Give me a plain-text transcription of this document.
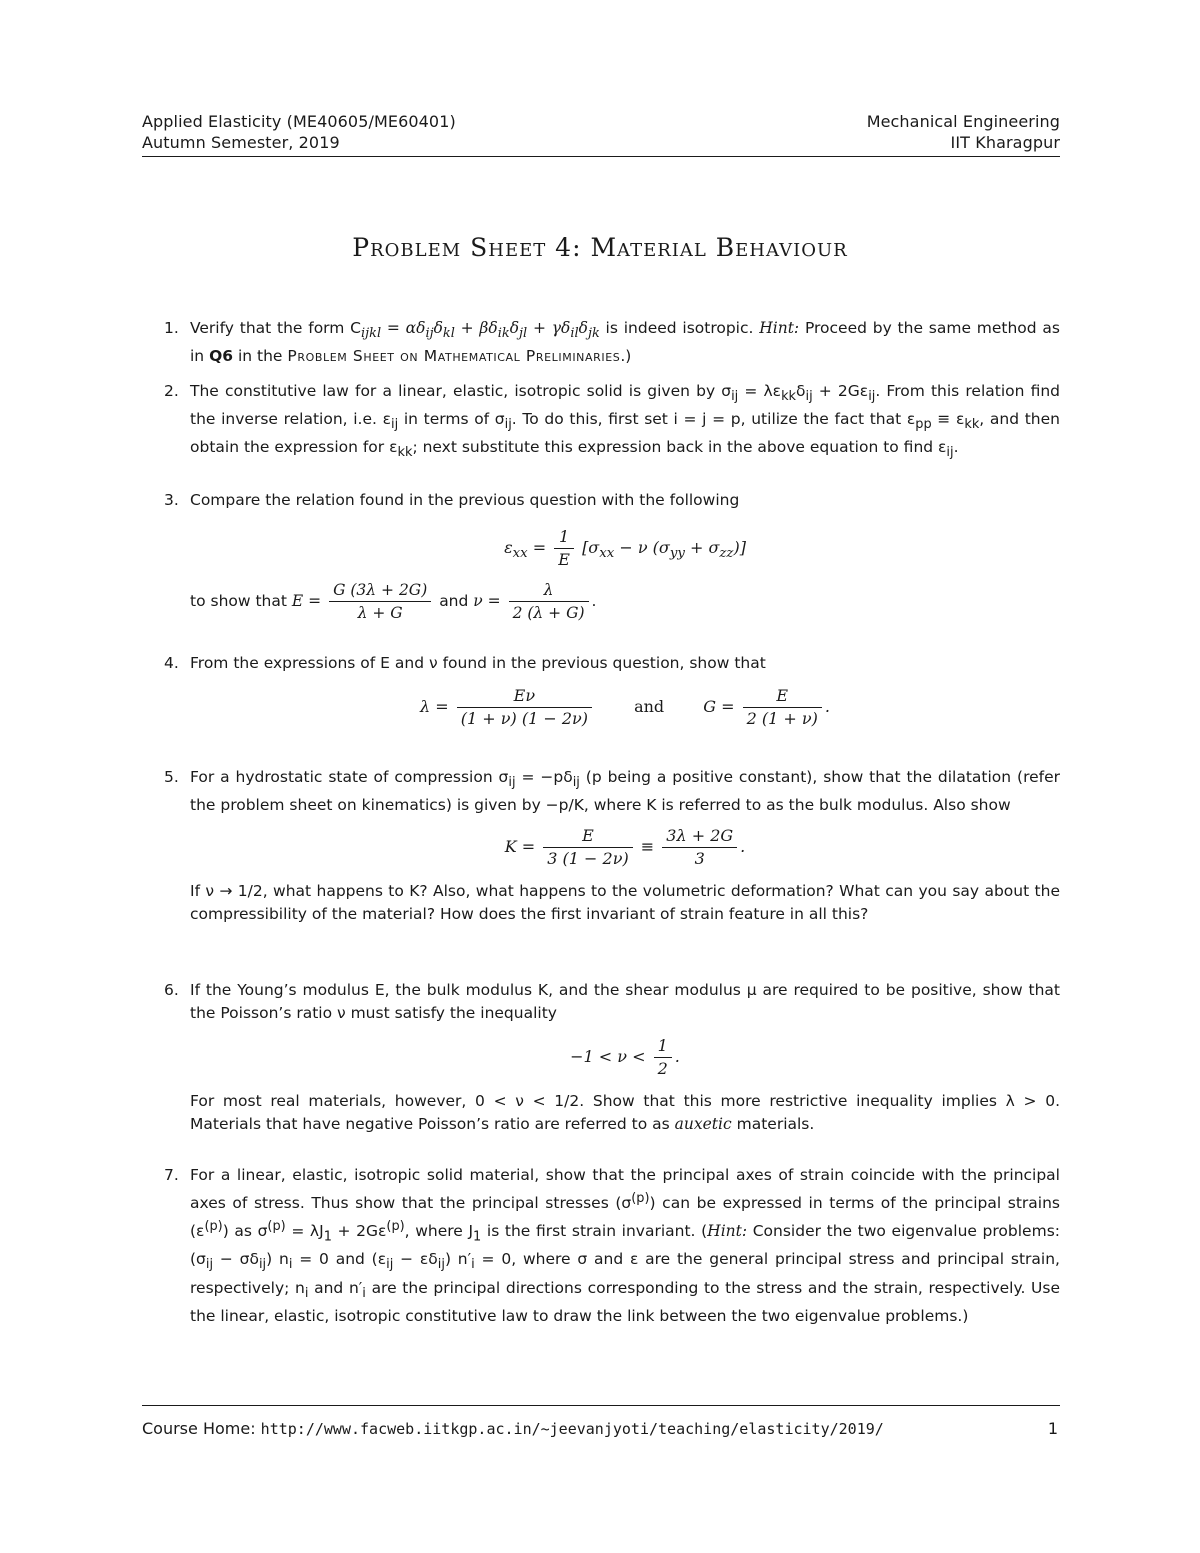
Applied Elasticity (ME40605/ME60401)
Autumn Semester, 2019
Mechanical Engineering
IIT Kharagpur
Problem Sheet 4: Material Behaviour
1. Verify that the form $C_{ijkl} = \alpha\delta_{ij}\delta_{kl} + \beta\delta_{ik}\delta_{jl} + \gamma\delta_{il}\delta_{jk}$ is indeed isotropic. Hint: Proceed by the same method as in Q6 in the Problem Sheet on Mathematical Preliminaries.)
2. The constitutive law for a linear, elastic, isotropic solid is given by $\sigma_{ij} = \lambda\varepsilon_{kk}\delta_{ij} + 2G\varepsilon_{ij}$. From this relation find the inverse relation, i.e. $\varepsilon_{ij}$ in terms of $\sigma_{ij}$. To do this, first set i = j = p, utilize the fact that $\varepsilon_{pp} \equiv \varepsilon_{kk}$, and then obtain the expression for $\varepsilon_{kk}$; next substitute this expression back in the above equation to find $\varepsilon_{ij}$.
3. Compare the relation found in the previous question with the following
$\varepsilon_{xx} = \frac{1}{E} [\sigma_{xx} - \nu$ $(\sigma_{yy} + \sigma_{zz})$]
to show that $E = \frac{G (3\lambda + 2G)}{\lambda + G}$ and $\nu = \frac{\lambda}{2 (\lambda + G)}$ .
4. From the expressions of E and ν found in the previous question, show that
$\lambda = \frac{E\nu}{(1 + \nu) (1 - 2\nu)}$	and $G = \frac{E}{2 (1 + \nu)}$ .
5. For a hydrostatic state of compression $\sigma_{ij} = -p\delta_{ij}$ (p being a positive constant), show that the dilatation (refer the problem sheet on kinematics) is given by −p/K, where K is referred to as the bulk modulus. Also show
$K = \frac{E}{3 (1 - 2\nu)} \equiv \frac{3\lambda + 2G}{3}$ .
If ν → 1/2, what happens to K? Also, what happens to the volumetric deformation? What can you say about the compressibility of the material? How does the first invariant of strain feature in all this?
6. If the Young’s modulus E, the bulk modulus K, and the shear modulus μ are required to be positive, show that the Poisson’s ratio ν must satisfy the inequality
$-1 < \nu < \frac{1}{2}$ .
For most real materials, however, 0 < ν < 1/2. Show that this more restrictive inequality implies λ > 0. Materials that have negative Poisson’s ratio are referred to as auxetic materials.
7. For a linear, elastic, isotropic solid material, show that the principal axes of strain coincide with the principal axes of stress. Thus show that the principal stresses $(\sigma^{(p)})$ can be expressed in terms of the principal strains $(\varepsilon^{(p)})$ as $\sigma^{(p)} = \lambda J_1 + 2G\varepsilon^{(p)}$, where $J_1$ is the first strain invariant. (Hint: Consider the two eigenvalue problems: $(\sigma_{ij} - \sigma\delta_{ij}) n_i = 0$ and $(\varepsilon_{ij} - \varepsilon\delta_{ij}) n'_i = 0$, where σ and ε are the general principal stress and principal strain, respectively; $n_i$ and $n'_i$ are the principal directions corresponding to the stress and the strain, respectively. Use the linear, elastic, isotropic constitutive law to draw the link between the two eigenvalue problems.)
Course Home: http://www.facweb.iitkgp.ac.in/~jeevanjyoti/teaching/elasticity/2019/	1
